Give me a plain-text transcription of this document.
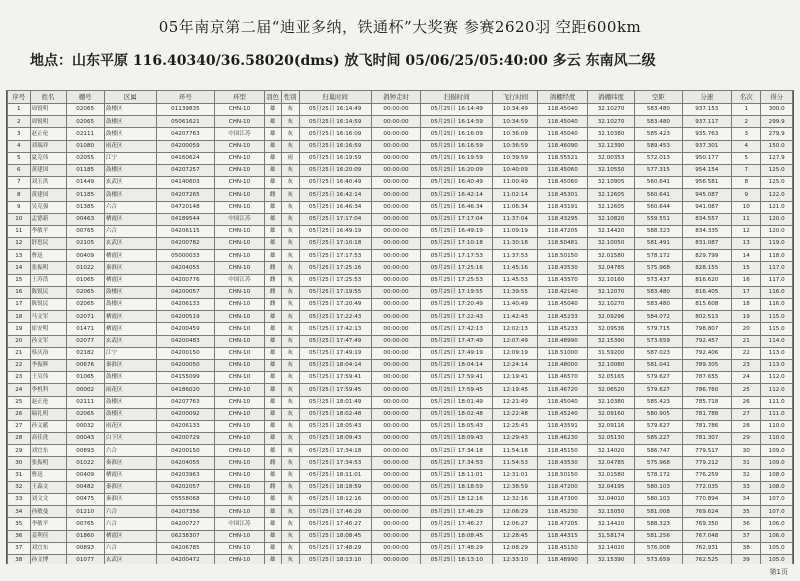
05年南京第二届“迪亚多纳，铁通杯”大奖赛 参赛2620羽 空距600km
地点：山东平原 116.40340/36.58020(dms) 放飞时间 05/06/25/05:40:00 多云 东南风二级
序号	姓名	棚号	区属	环号	环型	羽色	性别	归巢时间	鸽钟走时	扫描时间	飞行时间	鸽棚经度	鸽棚纬度	空距	分速	名次	得分
1	周锐明	02065	鼓楼区	01139835	CHN-10	雄	灰	05月25日 16:14:49	00:00:00	05月25日 16:14:49	10:34:49	118.45040	32.10270	583.480	937.153	1	300.0
2	周锐明	02065	鼓楼区	05061621	CHN-10	雄	灰	05月25日 16:14:59	00:00:00	05月25日 16:14:59	10:34:59	118.45040	32.10270	583.480	937.117	2	299.9
3	赵正伦	02111	鼓楼区	04207763	中国江苏	雄	灰	05月25日 16:16:09	00:00:00	05月25日 16:16:09	10:36:09	118.45040	32.10380	585.423	935.763	3	279.9
4	刘瑞祥	01080	雨花区	04200059	CHN-10	雄	灰	05月25日 16:16:59	00:00:00	05月25日 16:16:59	10:36:59	118.46090	32.12390	589.453	937.301	4	150.0
5	夏克伟	02055	江宁	04160624	CHN-10	雄	雨	05月25日 16:19:59	00:00:00	05月25日 16:19:59	10:39:59	118.55521	32.00353	572.013	950.177	5	127.9
6	黄建国	01185	鼓楼区	04207257	CHN-10	雄	灰	05月25日 16:20:09	00:00:00	05月25日 16:20:09	10:40:09	118.45060	32.10550	577.315	954.154	7	125.0
7	刘玉洪	01449	玄武区	04140603	CHN-10	雄	灰	05月25日 16:40:49	00:00:00	05月25日 16:40:49	11:00:49	118.45060	32.10905	560.641	956.581	8	125.0
8	黄建国	01185	鼓楼区	04207265	CHN-10	雌	灰	05月25日 16:42:14	00:00:00	05月25日 16:42:14	11:02:14	118.45301	32.12605	560.641	945.087	9	122.0
9	吴克强	01385	六合	04720148	CHN-10	雄	灰	05月25日 16:46:34	00:00:00	05月25日 16:46:34	11:06:34	118.43191	32.12605	560.644	941.087	10	121.0
10	孟德新	00463	栖霞区	04189544	中国江苏	雄	灰	05月25日 17:17:04	00:00:00	05月25日 17:17:04	11:37:04	118.43295	32.10820	559.551	834.557	11	120.0
11	李敏平	00765	六合	04206115	CHN-10	雄	灰	05月25日 16:49:19	00:00:00	05月25日 16:49:19	11:09:19	118.47205	32.14420	588.323	834.335	12	120.0
12	舒思民	02105	玄武区	04200782	CHN-10	雄	灰	05月25日 17:10:18	00:00:00	05月25日 17:10:18	11:30:18	118.50481	32.10050	581.491	831.087	13	119.0
13	曹迅	00409	栖霞区	05000033	CHN-10	雄	灰	05月25日 17:17:53	00:00:00	05月25日 17:17:53	11:37:53	118.50150	32.01580	578.172	829.799	14	118.0
14	张振明	01022	秦淮区	04204055	CHN-10	雌	灰	05月25日 17:25:16	00:00:00	05月25日 17:25:16	11:45:16	118.43530	32.04785	575.968	828.155	15	117.0
15	王苏浩	01065	栖霞区	04200776	中国江苏	雌	灰	05月25日 17:25:53	00:00:00	05月25日 17:25:53	11:45:53	118.43570	32.10160	573.437	816.620	16	117.0
16	陈锐民	02065	鼓楼区	04200057	CHN-10	雌	灰	05月25日 17:19:55	00:00:00	05月25日 17:19:55	11:39:55	118.42140	32.12070	583.480	816.405	17	116.0
17	陈锐民	02065	鼓楼区	04206133	CHN-10	雌	灰	05月25日 17:20:49	00:00:00	05月25日 17:20:49	11:40:49	118.45040	32.10270	583.480	815.608	18	116.0
18	马文军	02071	栖霞区	04200519	CHN-10	雄	灰	05月25日 17:22:43	00:00:00	05月25日 17:22:43	11:42:43	118.45233	32.09296	584.072	802.513	19	115.0
19	崔安明	01471	栖霞区	04200459	CHN-10	雄	灰	05月25日 17:42:13	00:00:00	05月25日 17:42:13	12:02:13	118.45233	32.09536	579.715	798.807	20	115.0
20	孙文军	02077	玄武区	04200483	CHN-10	雄	灰	05月25日 17:47:49	00:00:00	05月25日 17:47:49	12:07:49	118.48990	32.15390	573.659	792.457	21	114.0
21	蔡庆治	02182	江宁	04200150	CHN-10	雄	灰	05月25日 17:49:19	00:00:00	05月25日 17:49:19	12:09:19	118.51000	31.59200	587.023	792.406	22	113.0
22	李振辉	00676	秦淮区	04200050	CHN-10	雄	灰	05月25日 18:04:14	00:00:00	05月25日 18:04:14	12:24:14	118.48000	32.10080	581.041	789.305	23	113.0
23	王吴伟	01065	鼓楼区	04155099	CHN-10	雄	灰	05月25日 17:59:41	00:00:00	05月25日 17:59:41	12:19:41	118.46570	32.05165	579.627	787.655	24	112.0
24	李机科	00002	雨花区	04186020	CHN-10	雄	灰	05月25日 17:59:45	00:00:00	05月25日 17:59:45	12:19:45	118.46720	32.06520	579.627	786.760	25	112.0
25	赵正伦	02111	鼓楼区	04207763	CHN-10	雄	灰	05月25日 18:01:49	00:00:00	05月25日 18:01:49	12:21:49	118.45040	32.10380	585.423	785.718	26	111.0
26	瑞礼明	02065	鼓楼区	04200092	CHN-10	雄	灰	05月25日 18:02:48	00:00:00	05月25日 18:02:48	12:22:48	118.45240	32.09160	580.905	781.788	27	111.0
27	孙文献	00032	雨花区	04206133	CHN-10	雄	灰	05月25日 18:05:43	00:00:00	05月25日 18:05:43	12:25:43	118.43591	32.09116	579.627	781.786	28	110.0
28	高佳洗	00043	白下区	04200729	CHN-10	雄	灰	05月25日 18:09:43	00:00:00	05月25日 18:09:43	12:29:43	118.46230	32.05130	585.227	781.307	29	110.0
29	刘宜东	00893	六合	04200150	CHN-10	雄	灰	05月25日 17:34:18	00:00:00	05月25日 17:34:18	11:54:18	118.45150	32.14020	586.747	779.517	30	109.0
30	张振明	01022	秦淮区	04204055	CHN-10	雌	灰	05月25日 17:34:53	00:00:00	05月25日 17:34:53	11:54:53	118.43530	32.04785	575.968	779.212	31	109.0
31	曹迅	00409	栖霞区	04203963	CHN-10	雄	灰	05月25日 18:11:01	00:00:00	05月25日 18:11:01	12:31:01	118.50150	32.01580	578.172	776.259	32	108.0
32	王森文	00482	秦淮区	04202057	CHN-10	雌	灰	05月25日 18:18:59	00:00:00	05月25日 18:18:59	12:38:59	118.47200	32.04195	580.103	772.035	33	108.0
33	刘文文	00475	秦淮区	05558068	CHN-10	雄	灰	05月25日 18:12:16	00:00:00	05月25日 18:12:16	12:32:16	118.47300	32.04010	580.103	770.894	34	107.0
34	孙敏曼	01210	六合	04207356	CHN-10	雄	灰	05月25日 17:46:29	00:00:00	05月25日 17:46:29	12:06:29	118.45230	32.15050	581.008	769.624	35	107.0
35	李敏平	00765	六合	04200727	中国江苏	雄	灰	05月25日 17:46:27	00:00:00	05月25日 17:46:27	12:06:27	118.47205	32.14420	588.323	769.350	36	106.0
36	姜利佳	01860	栖霞区	06238307	CHN-10	雄	灰	05月25日 18:08:45	00:00:00	05月25日 18:08:45	12:28:45	118.44315	31.58174	581.256	767.048	37	106.0
37	刘宜东	00893	六合	04206785	CHN-10	雄	灰	05月25日 17:48:29	00:00:00	05月25日 17:48:29	12:08:29	118.45150	32.14020	576.008	762.931	38	105.0
38	孙文博	01077	玄武区	04200472	CHN-10	雄	灰	05月25日 18:13:10	00:00:00	05月25日 18:13:10	12:33:10	118.48990	32.15390	573.659	762.525	39	105.0

第1页
